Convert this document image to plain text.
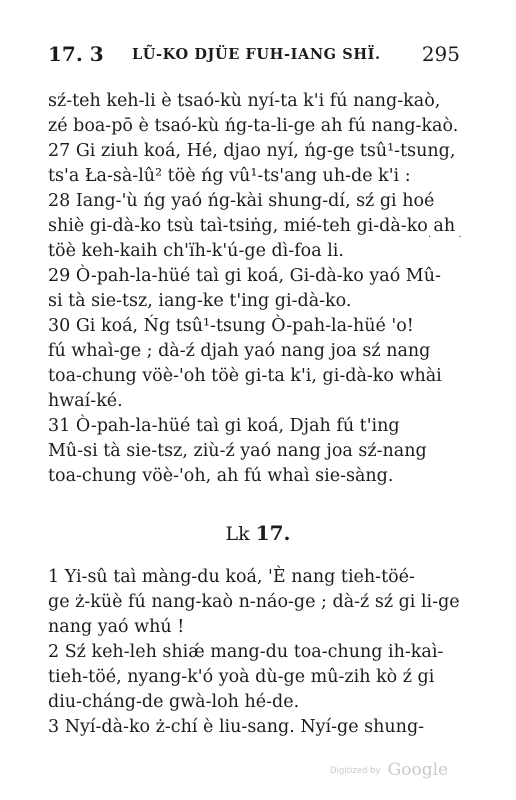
17. 3 LŨ-KO DJÜE FUH-IANG SHÏ. 295
sź-teh keh-li è tsaó-kù nyí-ta k'i fú nang-kaò,
zé boa-pō è tsaó-kù ńg-ta-li-ge ah fú nang-kaò.
27 Gi ziuh koá, Hé, djao nyí, ńg-ge tsû¹-tsung,
ts'a Ła-sà-lû² töè ńg vû¹-ts'ang uh-de k'i :
28 Iang-'ù ńg yaó ńg-kài shung-dí, sź gi hoé
shiè gi-dà-ko tsù taì-tsiṅg, mié-teh gi-dà-ko ah
töè keh-kaih ch'ïh-k'ú-ge dì-foa li.
29 Ò-pah-la-hüé taì gi koá, Gi-dà-ko yaó Mû-
si tà sie-tsz, iang-ke t'ing gi-dà-ko.
30 Gi koá, Ńg tsû¹-tsung Ò-pah-la-hüé 'o!
fú whaì-ge ; dà-ź djah yaó nang joa sź nang
toa-chung vöè-'oh töè gi-ta k'i, gi-dà-ko whài
hwaí-ké.
31 Ò-pah-la-hüé taì gi koá, Djah fú t'ing
Mû-si tà sie-tsz, ziù-ź yaó nang joa sź-nang
toa-chung vöè-'oh, ah fú whaì sie-sàng.
· ·
Lk 17.
1 Yi-sû taì màng-du koá, 'È nang tieh-töé-
ge ż-küè fú nang-kaò n-náo-ge ; dà-ź sź gi li-ge
nang yaó whú !
2 Sź keh-leh shiǽ mang-du toa-chung ih-kaì-
tieh-töé, nyang-k'ó yoà dù-ge mû-zih kò ź gi
diu-cháng-de gwà-loh hé-de.
3 Nyí-dà-ko ż-chí è liu-sang. Nyí-ge shung-
Digitized by Google
